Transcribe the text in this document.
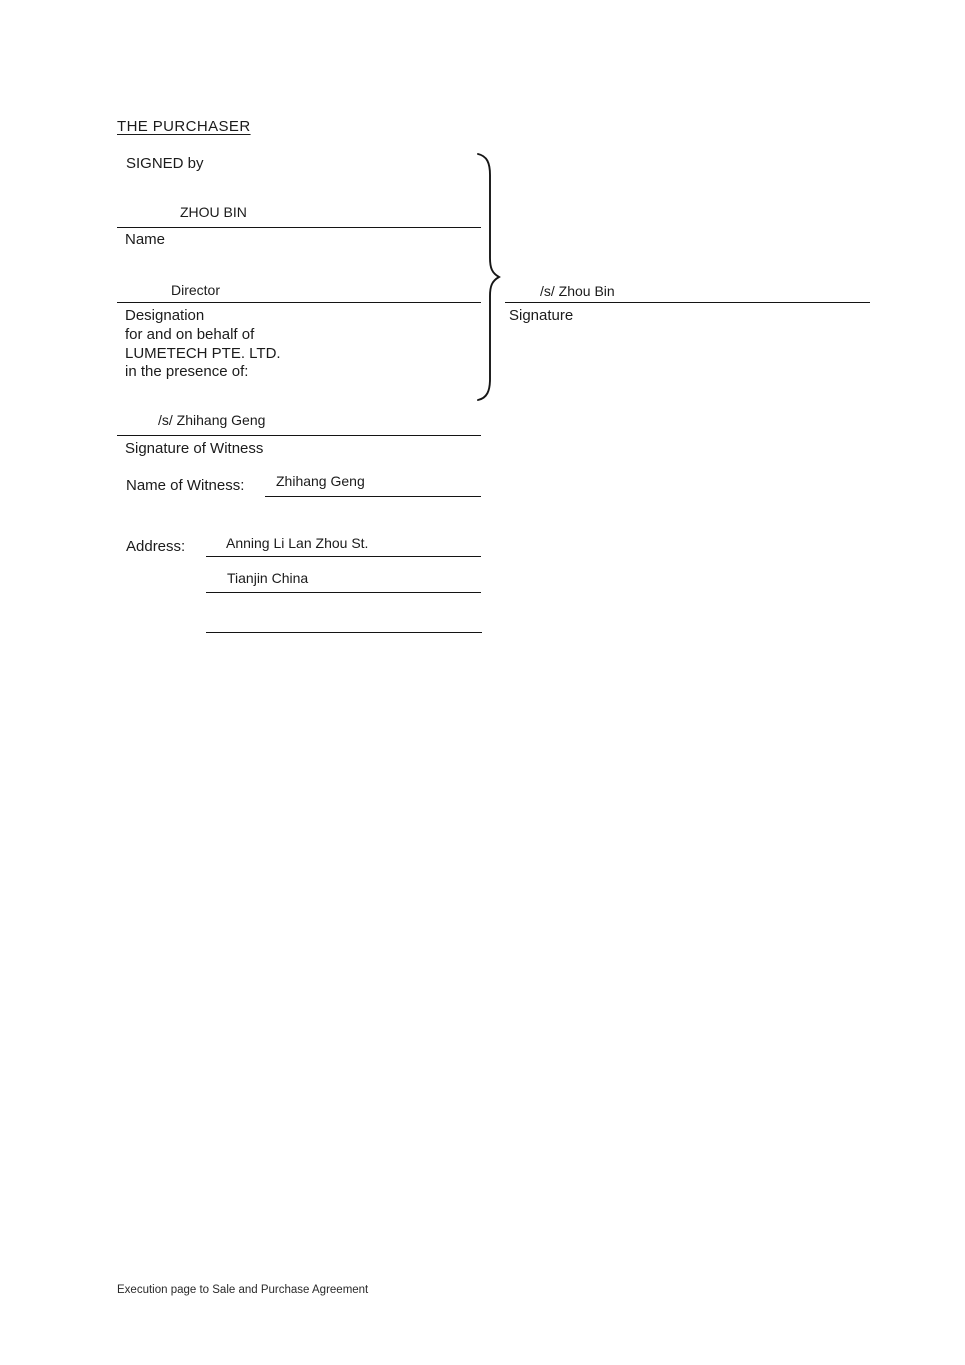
THE PURCHASER
SIGNED by
ZHOU BIN
Name
Director
Designation
for and on behalf of
LUMETECH PTE. LTD.
in the presence of:
/s/ Zhou Bin
Signature
/s/ Zhihang Geng
Signature of Witness
Name of Witness: Zhihang Geng
Address:	Anning Li Lan Zhou St.
Tianjin China
Execution page to Sale and Purchase Agreement
